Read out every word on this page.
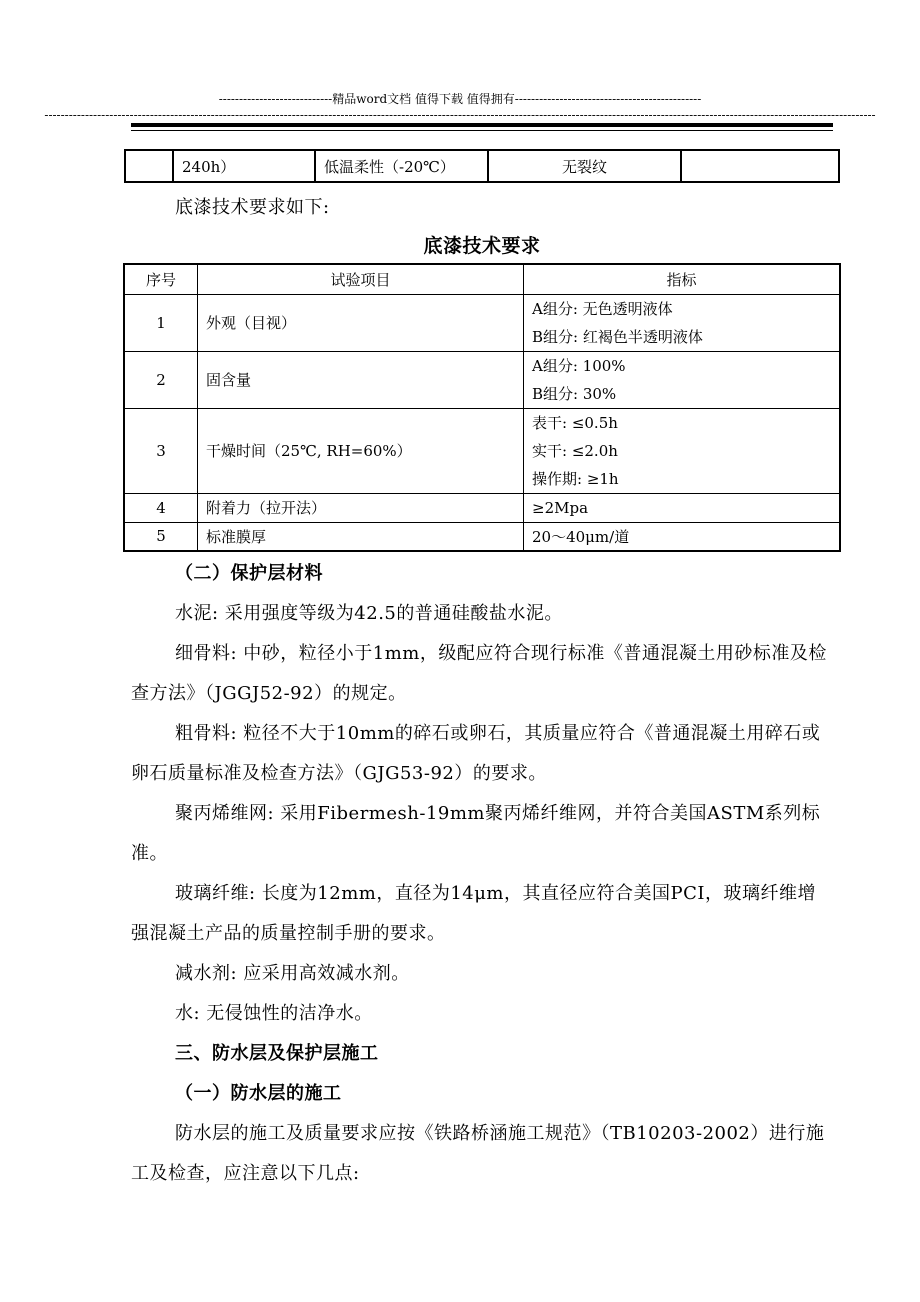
----------------------------精品word文档 值得下载 值得拥有----------------------------------------------
-------------------------------------------------------------------------------------------------------------------------------------------------------------------------------------------------------------
	240h）	低温柔性（-20℃）	无裂纹	
底漆技术要求如下:
底漆技术要求
序号	试验项目	指标
1	外观（目视）	A组分: 无色透明液体
B组分: 红褐色半透明液体

2	固含量	A组分: 100%
B组分: 30%

3	干燥时间（25℃, RH=60%）	表干: ≤0.5h
实干: ≤2.0h
操作期: ≥1h

4	附着力（拉开法）	≥2Mpa
5	标准膜厚	20～40μm/道
（二）保护层材料
水泥: 采用强度等级为42.5的普通硅酸盐水泥。
细骨料: 中砂，粒径小于1mm，级配应符合现行标准《普通混凝土用砂标准及检查方法》（JGGJ52-92）的规定。
粗骨料: 粒径不大于10mm的碎石或卵石，其质量应符合《普通混凝土用碎石或卵石质量标准及检查方法》（GJG53-92）的要求。
聚丙烯维网: 采用Fibermesh-19mm聚丙烯纤维网，并符合美国ASTM系列标准。
玻璃纤维: 长度为12mm，直径为14μm，其直径应符合美国PCI，玻璃纤维增强混凝土产品的质量控制手册的要求。
减水剂: 应采用高效减水剂。
水: 无侵蚀性的洁净水。
三、防水层及保护层施工
（一）防水层的施工
防水层的施工及质量要求应按《铁路桥涵施工规范》（TB10203-2002）进行施工及检查，应注意以下几点:
